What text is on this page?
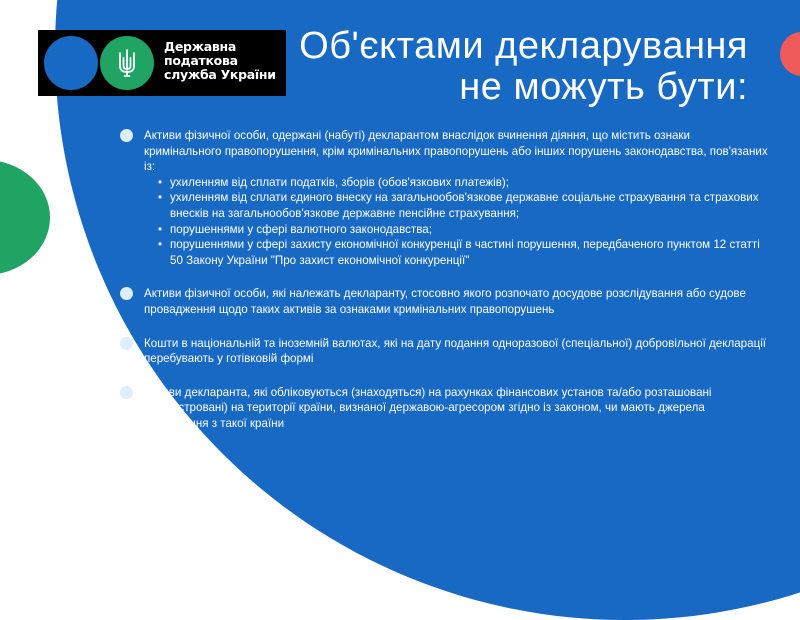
Державна
податкова
служба України
Об'єктами декларування
не можуть бути:
Активи фізичної особи, одержані (набуті) декларантом внаслідок вчинення діяння, що містить ознаки кримінального правопорушення, крім кримінальних правопорушень або інших порушень законодавства, пов'язаних із:
• ухиленням від сплати податків, зборів (обов'язкових платежів);
• ухиленням від сплати єдиного внеску на загальнообов'язкове державне соціальне страхування та страхових внесків на загальнообов'язкове державне пенсійне страхування;
• порушеннями у сфері валютного законодавства;
• порушеннями у сфері захисту економічної конкуренції в частині порушення, передбаченого пунктом 12 статті 50 Закону України "Про захист економічної конкуренції"
Активи фізичної особи, які належать декларанту, стосовно якого розпочато досудове розслідування або судове провадження щодо таких активів за ознаками кримінальних правопорушень
Кошти в національній та іноземній валютах, які на дату подання одноразової (спеціальної) добровільної декларації перебувають у готівковій формі
Активи декларанта, які обліковуються (знаходяться) на рахунках фінансових установ та/або розташовані (зареєстровані) на території країни, визнаної державою-агресором згідно із законом, чи мають джерела походження з такої країни
